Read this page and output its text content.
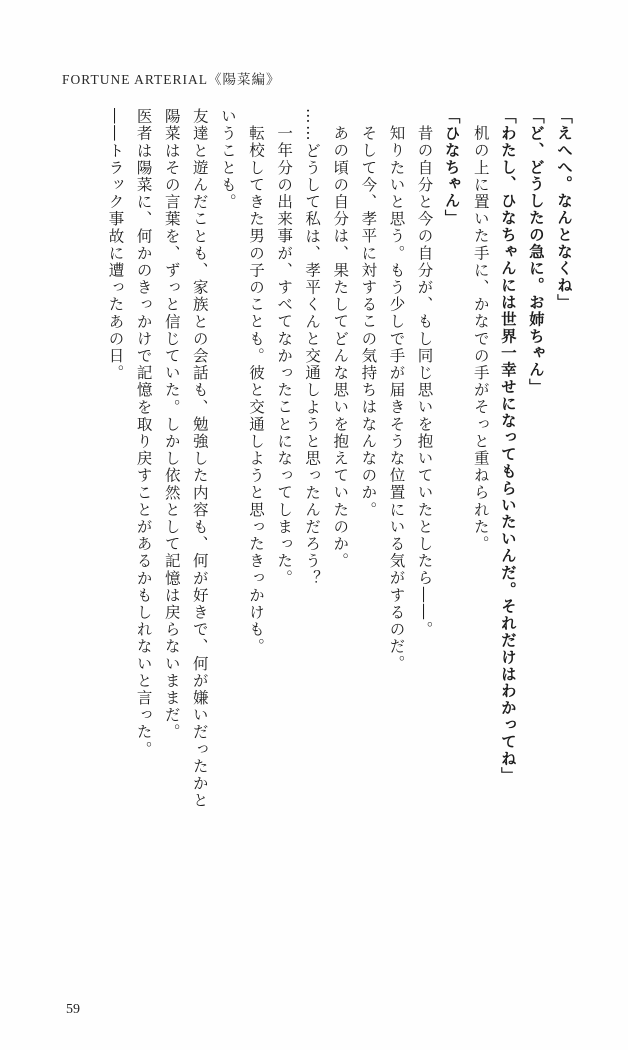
FORTUNE ARTERIAL《陽菜編》
――トラック事故に遭ったあの日。 医者は陽菜に、何かのきっかけで記憶を取り戻すことがあるかもしれないと言った。 陽菜はその言葉を、ずっと信じていた。しかし依然として記憶は戻らないままだ。 友達と遊んだことも、家族との会話も、勉強した内容も、何が好きで、何が嫌いだったかと いうことも。 転校してきた男の子のことも。彼と交通しようと思ったきっかけも。 一年分の出来事が、すべてなかったことになってしまった。 ……どうして私は、孝平くんと交通しようと思ったんだろう？ あの頃の自分は、果たしてどんな思いを抱えていたのか。 そして今、孝平に対するこの気持ちはなんなのか。 知りたいと思う。もう少しで手が届きそうな位置にいる気がするのだ。 昔の自分と今の自分が、もし同じ思いを抱いていたとしたら――。 「ひなちゃん」 机の上に置いた手に、かなでの手がそっと重ねられた。 「わたし、ひなちゃんには世界一幸せになってもらいたいんだ。それだけはわかってね」 「ど、どうしたの急に。お姉ちゃん」 「えへへ。なんとなくね」
59
